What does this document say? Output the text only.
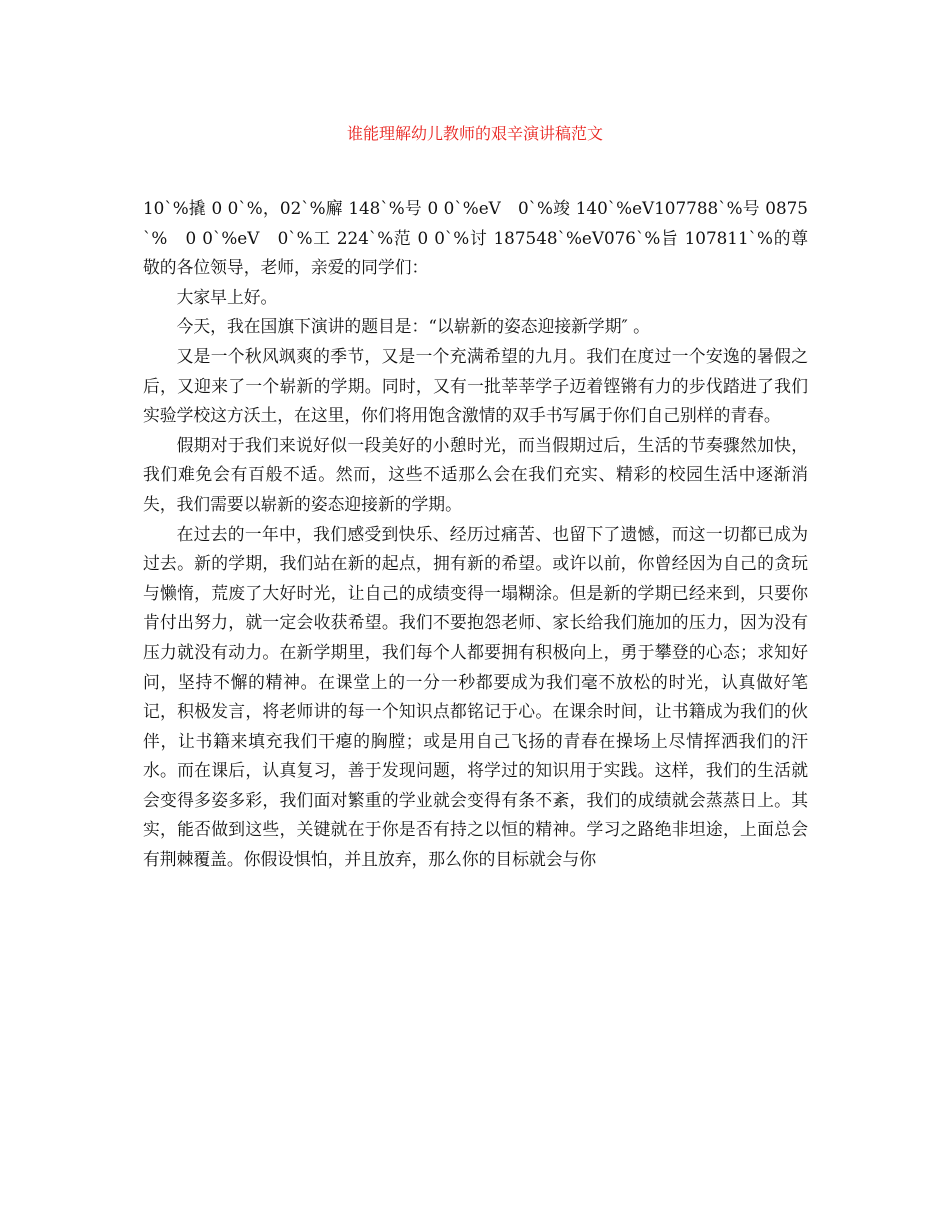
谁能理解幼儿教师的艰辛演讲稿范文

10`%撬 0 0`%，02`%廨 148`%号 0 0`%eV　0`%竣 140`%eV107788`%号 0875`%　0 0`%eV　0`%工 224`%范 0 0`%讨 187548`%eV076`%旨 107811`%的尊敬的各位领导，老师，亲爱的同学们：

大家早上好。

今天，我在国旗下演讲的题目是：“以崭新的姿态迎接新学期″ 。

又是一个秋风飒爽的季节，又是一个充满希望的九月。我们在度过一个安逸的暑假之后，又迎来了一个崭新的学期。同时，又有一批莘莘学子迈着铿锵有力的步伐踏进了我们实验学校这方沃土，在这里，你们将用饱含激情的双手书写属于你们自己别样的青春。

假期对于我们来说好似一段美好的小憩时光，而当假期过后，生活的节奏骤然加快，我们难免会有百般不适。然而，这些不适那么会在我们充实、精彩的校园生活中逐渐消失，我们需要以崭新的姿态迎接新的学期。

在过去的一年中，我们感受到快乐、经历过痛苦、也留下了遗憾，而这一切都已成为过去。新的学期，我们站在新的起点，拥有新的希望。或许以前，你曾经因为自己的贪玩与懒惰，荒废了大好时光，让自己的成绩变得一塌糊涂。但是新的学期已经来到，只要你肯付出努力，就一定会收获希望。我们不要抱怨老师、家长给我们施加的压力，因为没有压力就没有动力。在新学期里，我们每个人都要拥有积极向上，勇于攀登的心态；求知好问，坚持不懈的精神。在课堂上的一分一秒都要成为我们毫不放松的时光，认真做好笔记，积极发言，将老师讲的每一个知识点都铭记于心。在课余时间，让书籍成为我们的伙伴，让书籍来填充我们干瘪的胸膛；或是用自己飞扬的青春在操场上尽情挥洒我们的汗水。而在课后，认真复习，善于发现问题，将学过的知识用于实践。这样，我们的生活就会变得多姿多彩，我们面对繁重的学业就会变得有条不紊，我们的成绩就会蒸蒸日上。其实，能否做到这些，关键就在于你是否有持之以恒的精神。学习之路绝非坦途，上面总会有荆棘覆盖。你假设惧怕，并且放弃，那么你的目标就会与你
